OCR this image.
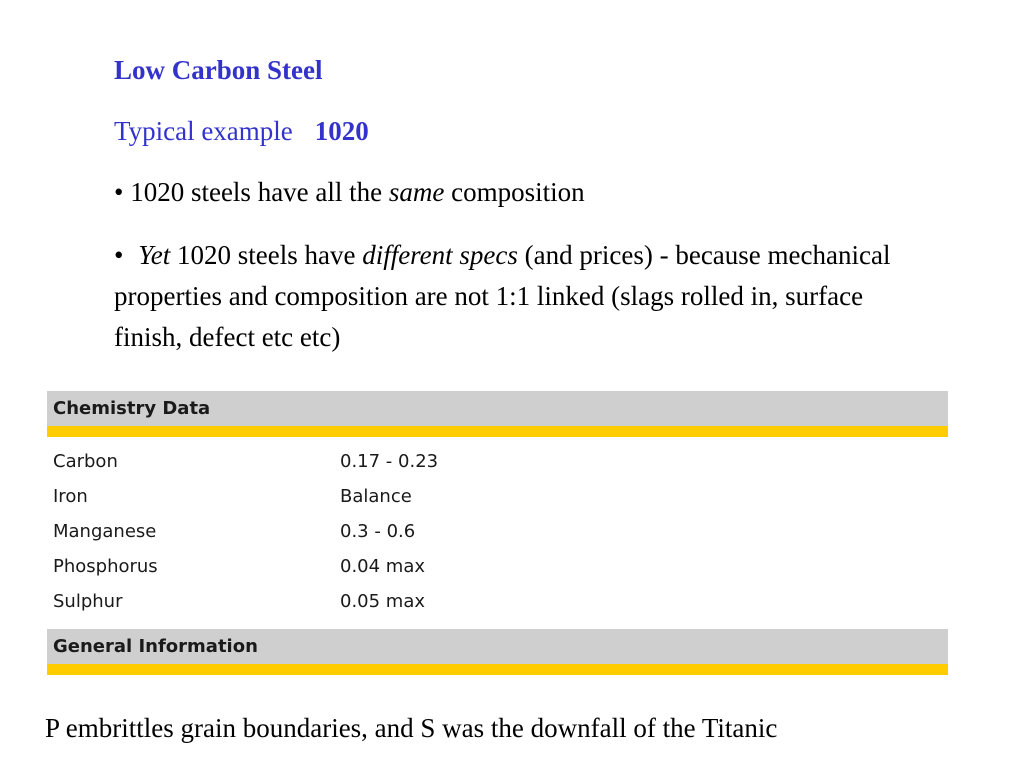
Low Carbon Steel
Typical example 1020
• 1020 steels have all the same composition
• Yet 1020 steels have different specs (and prices) - because mechanical properties and composition are not 1:1 linked (slags rolled in, surface finish, defect etc etc)
Chemistry Data
Carbon	0.17 - 0.23
Iron	Balance
Manganese	0.3 - 0.6
Phosphorus	0.04 max
Sulphur	0.05 max
General Information
P embrittles grain boundaries, and S was the downfall of the Titanic
